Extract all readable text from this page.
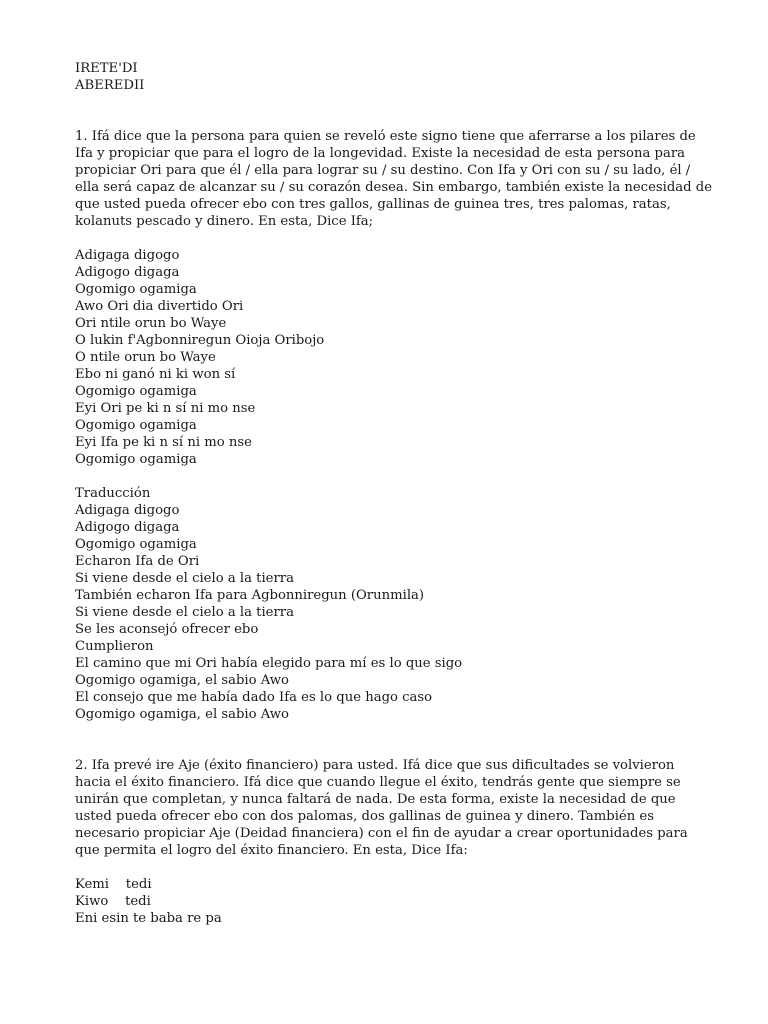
IRETE'DI
ABEREDII
1. Ifá dice que la persona para quien se reveló este signo tiene que aferrarse a los pilares de
Ifa y propiciar que para el logro de la longevidad. Existe la necesidad de esta persona para
propiciar Ori para que él / ella para lograr su / su destino. Con Ifa y Ori con su / su lado, él /
ella será capaz de alcanzar su / su corazón desea. Sin embargo, también existe la necesidad de
que usted pueda ofrecer ebo con tres gallos, gallinas de guinea tres, tres palomas, ratas,
kolanuts pescado y dinero. En esta, Dice Ifa;
Adigaga digogo
Adigogo digaga
Ogomigo ogamiga
Awo Ori dia divertido Ori
Ori ntile orun bo Waye
O lukin f'Agbonniregun Oioja Oribojo
O ntile orun bo Waye
Ebo ni ganó ni ki won sí
Ogomigo ogamiga
Eyi Ori pe ki n sí ni mo nse
Ogomigo ogamiga
Eyi Ifa pe ki n sí ni mo nse
Ogomigo ogamiga
Traducción
Adigaga digogo
Adigogo digaga
Ogomigo ogamiga
Echaron Ifa de Ori
Si viene desde el cielo a la tierra
También echaron Ifa para Agbonniregun (Orunmila)
Si viene desde el cielo a la tierra
Se les aconsejó ofrecer ebo
Cumplieron
El camino que mi Ori había elegido para mí es lo que sigo
Ogomigo ogamiga, el sabio Awo
El consejo que me había dado Ifa es lo que hago caso
Ogomigo ogamiga, el sabio Awo
2. Ifa prevé ire Aje (éxito financiero) para usted. Ifá dice que sus dificultades se volvieron
hacia el éxito financiero. Ifá dice que cuando llegue el éxito, tendrás gente que siempre se
unirán que completan, y nunca faltará de nada. De esta forma, existe la necesidad de que
usted pueda ofrecer ebo con dos palomas, dos gallinas de guinea y dinero. También es
necesario propiciar Aje (Deidad financiera) con el fin de ayudar a crear oportunidades para
que permita el logro del éxito financiero. En esta, Dice Ifa:
Kemi    tedi
Kiwo    tedi
Eni esin te baba re pa
